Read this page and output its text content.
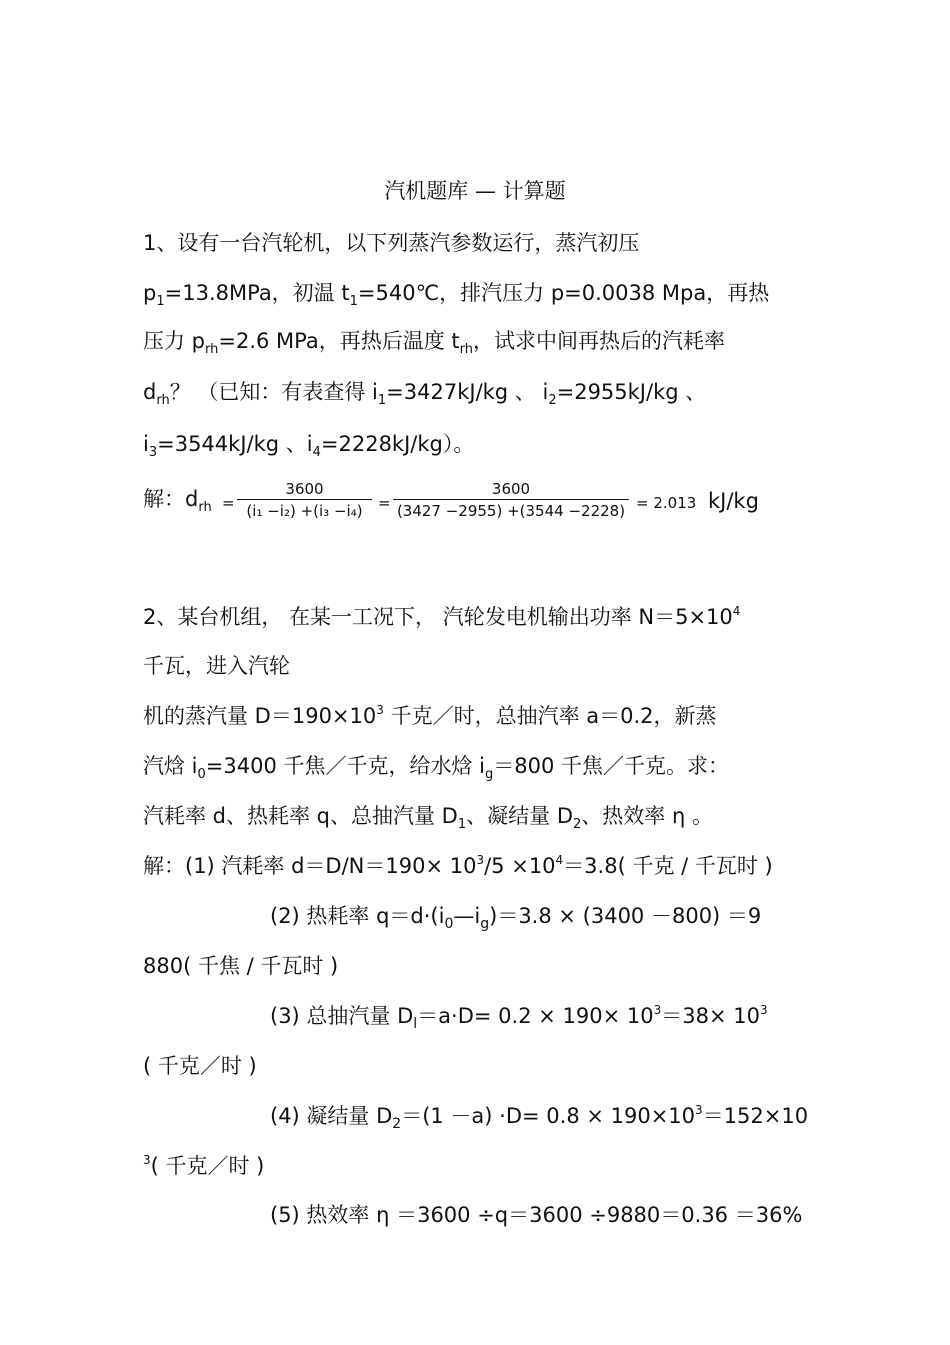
汽机题库 — 计算题
1、设有一台汽轮机，以下列蒸汽参数运行，蒸汽初压
$p_1=13.8MPa$，初温 $t_1=540℃$，排汽压力 p=0.0038 Mpa，再热
压力 $p_{rh}=2.6$ MPa，再热后温度 $t_{rh}$，试求中间再热后的汽耗率
$d_{rh}$？ （已知：有表查得 $i_1=3427kJ/kg$ 、 $i_2=2955kJ/kg$ 、
$i_3=3544kJ/kg$ 、$i_4=2228kJ/kg$）。
解：$d_{rh}$ =
3600
(i₁ −i₂) +(i₃ −i₄)	=
3600
(3427 −2955) +(3544 −2228) = 2.013 kJ/kg
2、某台机组， 在某一工况下， 汽轮发电机输出功率 $N=5\times 10^4$
千瓦，进入汽轮
机的蒸汽量 $D=190\times 10^3$ 千克／时，总抽汽率 a＝0.2，新蒸
汽焓 $i_0=3400$ 千焦／千克，给水焓 $i_g=800$ 千焦／千克。求：
汽耗率 d、热耗率 q、总抽汽量 $D_1$、凝结量 $D_2$、热效率 η 。
解：(1) 汽耗率 $d=D/N=190\times 10^3/5 \times 10^4=3.8$( 千克 / 千瓦时 )
(2) 热耗率 $q=d\cdot(i_0—i_g)=3.8 \times (3400 -800) =9$
880( 千焦 / 千瓦时 )
(3) 总抽汽量 $D_l=a\cdot D= 0.2 \times 190\times 10^3=38\times 10^3$
( 千克／时 )
(4) 凝结量 $D_2=(1 -a) \cdot D= 0.8 \times 190\times 10^3=152\times 10$
$^3$( 千克／时 )
(5) 热效率 η ＝3600 ÷q＝3600 ÷9880＝0.36 ＝36%
